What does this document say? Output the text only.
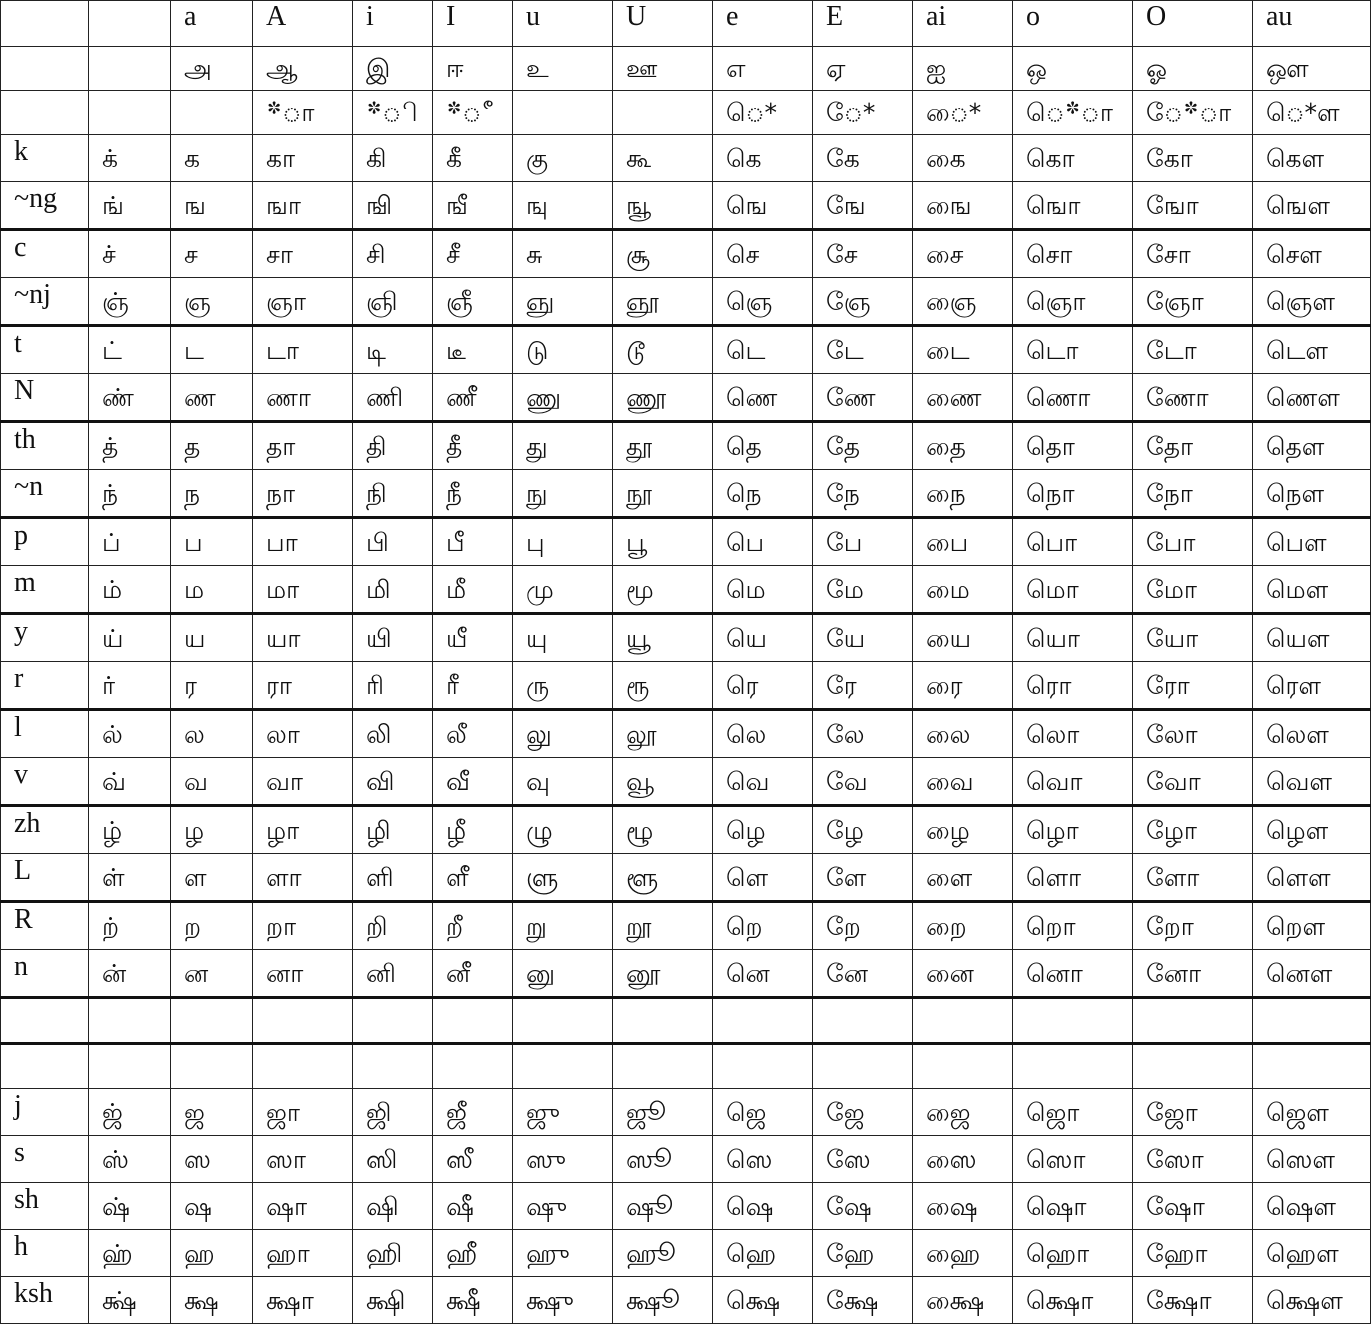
		a	A	i	I	u	U	e	E	ai	o	O	au
		அ	ஆ	இ	ஈ	உ	ஊ	எ	ஏ	ஐ	ஒ	ஓ	ஔ
			*ா	*ி	*ீ			ெ*	ே*	ை*	ெ*ா	ே*ா	ெ*ள
k	க்	க	கா	கி	கீ	கு	கூ	கெ	கே	கை	கொ	கோ	கௌ
~ng	ங்	ங	ஙா	ஙி	ஙீ	ஙு	ஙூ	ஙெ	ஙே	ஙை	ஙொ	ஙோ	ஙௌ
c	ச்	ச	சா	சி	சீ	சு	சூ	செ	சே	சை	சொ	சோ	சௌ
~nj	ஞ்	ஞ	ஞா	ஞி	ஞீ	ஞு	ஞூ	ஞெ	ஞே	ஞை	ஞொ	ஞோ	ஞௌ
t	ட்	ட	டா	டி	டீ	டு	டூ	டெ	டே	டை	டொ	டோ	டௌ
N	ண்	ண	ணா	ணி	ணீ	ணு	ணூ	ணெ	ணே	ணை	ணொ	ணோ	ணௌ
th	த்	த	தா	தி	தீ	து	தூ	தெ	தே	தை	தொ	தோ	தௌ
~n	ந்	ந	நா	நி	நீ	நு	நூ	நெ	நே	நை	நொ	நோ	நௌ
p	ப்	ப	பா	பி	பீ	பு	பூ	பெ	பே	பை	பொ	போ	பௌ
m	ம்	ம	மா	மி	மீ	மு	மூ	மெ	மே	மை	மொ	மோ	மௌ
y	ய்	ய	யா	யி	யீ	யு	யூ	யெ	யே	யை	யொ	யோ	யௌ
r	ர்	ர	ரா	ரி	ரீ	ரு	ரூ	ரெ	ரே	ரை	ரொ	ரோ	ரௌ
l	ல்	ல	லா	லி	லீ	லு	லூ	லெ	லே	லை	லொ	லோ	லௌ
v	வ்	வ	வா	வி	வீ	வு	வூ	வெ	வே	வை	வொ	வோ	வௌ
zh	ழ்	ழ	ழா	ழி	ழீ	ழு	ழூ	ழெ	ழே	ழை	ழொ	ழோ	ழௌ
L	ள்	ள	ளா	ளி	ளீ	ளு	ளூ	ளெ	ளே	ளை	ளொ	ளோ	ளௌ
R	ற்	ற	றா	றி	றீ	று	றூ	றெ	றே	றை	றொ	றோ	றௌ
n	ன்	ன	னா	னி	னீ	னு	னூ	னெ	னே	னை	னொ	னோ	னௌ

j	ஜ்	ஜ	ஜா	ஜி	ஜீ	ஜு	ஜூ	ஜெ	ஜே	ஜை	ஜொ	ஜோ	ஜௌ
s	ஸ்	ஸ	ஸா	ஸி	ஸீ	ஸு	ஸூ	ஸெ	ஸே	ஸை	ஸொ	ஸோ	ஸௌ
sh	ஷ்	ஷ	ஷா	ஷி	ஷீ	ஷு	ஷூ	ஷெ	ஷே	ஷை	ஷொ	ஷோ	ஷௌ
h	ஹ்	ஹ	ஹா	ஹி	ஹீ	ஹு	ஹூ	ஹெ	ஹே	ஹை	ஹொ	ஹோ	ஹௌ
ksh	க்ஷ்	க்ஷ	க்ஷா	க்ஷி	க்ஷீ	க்ஷு	க்ஷூ	க்ஷெ	க்ஷே	க்ஷை	க்ஷொ	க்ஷோ	க்ஷௌ
